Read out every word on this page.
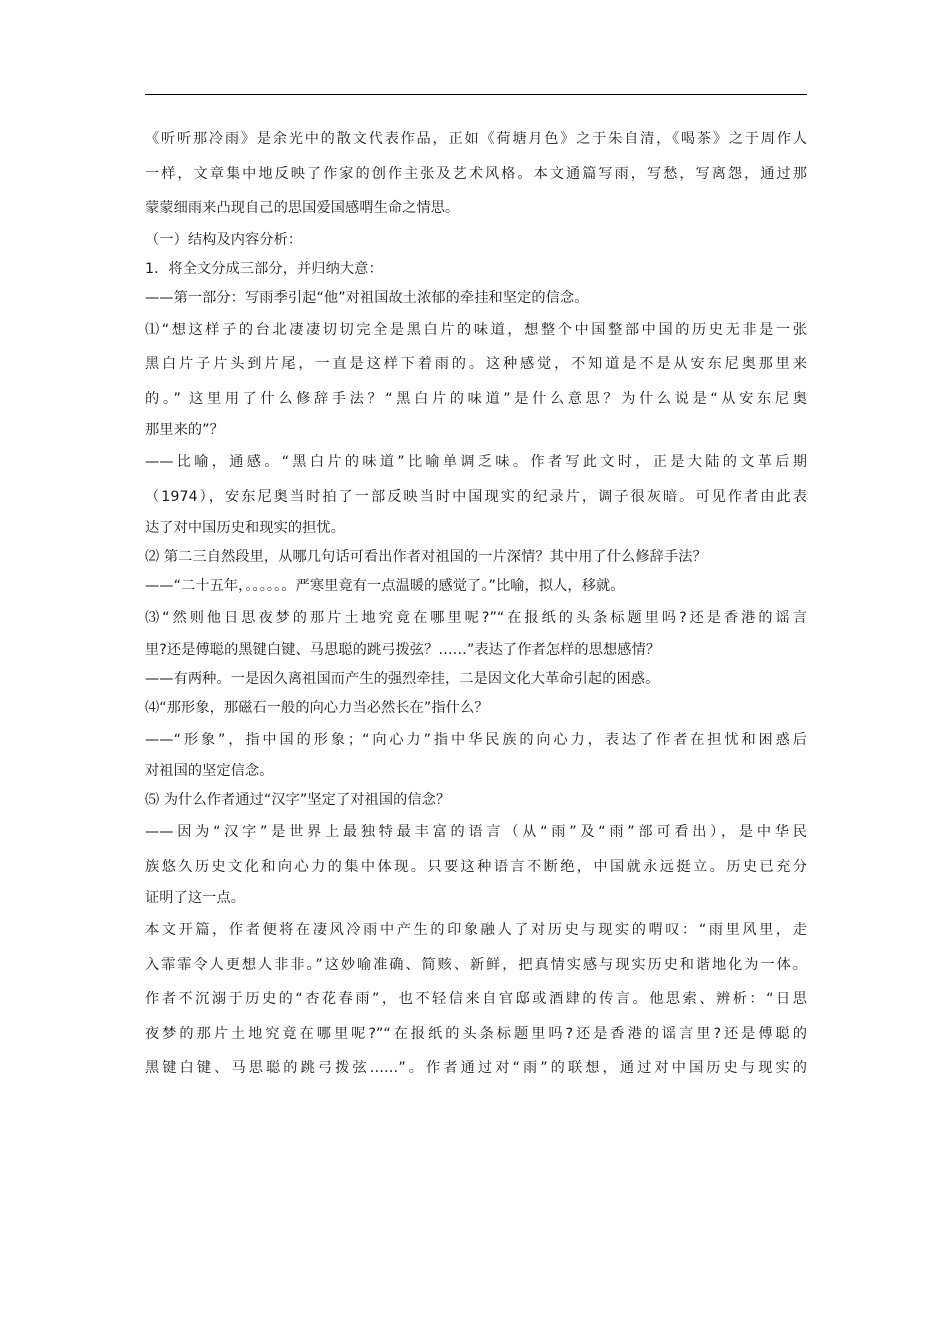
《听听那冷雨》是余光中的散文代表作品，正如《荷塘月色》之于朱自清，《喝茶》之于周作人
一样，文章集中地反映了作家的创作主张及艺术风格。本文通篇写雨，写愁，写离怨，通过那
蒙蒙细雨来凸现自己的思国爱国感喟生命之情思。
（一）结构及内容分析：
1．将全文分成三部分，并归纳大意：
——第一部分：写雨季引起“他”对祖国故土浓郁的牵挂和坚定的信念。
⑴“想这样子的台北凄凄切切完全是黑白片的味道，想整个中国整部中国的历史无非是一张
黑白片子片头到片尾，一直是这样下着雨的。这种感觉，不知道是不是从安东尼奥那里来
的。” 这里用了什么修辞手法？“黑白片的味道”是什么意思？为什么说是“从安东尼奥
那里来的”？
——比喻，通感。“黑白片的味道”比喻单调乏味。作者写此文时，正是大陆的文革后期
（1974），安东尼奥当时拍了一部反映当时中国现实的纪录片，调子很灰暗。可见作者由此表
达了对中国历史和现实的担忧。
⑵ 第二三自然段里，从哪几句话可看出作者对祖国的一片深情？其中用了什么修辞手法？
——“二十五年，。。。。。。严寒里竟有一点温暖的感觉了。”比喻，拟人，移就。
⑶“然则他日思夜梦的那片土地究竟在哪里呢?”“在报纸的头条标题里吗?还是香港的谣言
里?还是傅聪的黑键白键、马思聪的跳弓拨弦？……”表达了作者怎样的思想感情？
——有两种。一是因久离祖国而产生的强烈牵挂，二是因文化大革命引起的困惑。
⑷“那形象，那磁石一般的向心力当必然长在”指什么？
——“形象”，指中国的形象；“向心力”指中华民族的向心力，表达了作者在担忧和困惑后
对祖国的坚定信念。
⑸ 为什么作者通过“汉字”坚定了对祖国的信念？
——因为“汉字”是世界上最独特最丰富的语言（从“雨”及“雨”部可看出），是中华民
族悠久历史文化和向心力的集中体现。只要这种语言不断绝，中国就永远挺立。历史已充分
证明了这一点。
本文开篇，作者便将在凄风冷雨中产生的印象融人了对历史与现实的喟叹：“雨里风里，走
入霏霏令人更想人非非。”这妙喻准确、简赅、新鲜，把真情实感与现实历史和谐地化为一体。
作者不沉溺于历史的“杏花春雨”，也不轻信来自官邸或酒肆的传言。他思索、辨析：“日思
夜梦的那片土地究竟在哪里呢?”“在报纸的头条标题里吗?还是香港的谣言里?还是傅聪的
黑键白键、马思聪的跳弓拨弦……”。作者通过对“雨”的联想，通过对中国历史与现实的
